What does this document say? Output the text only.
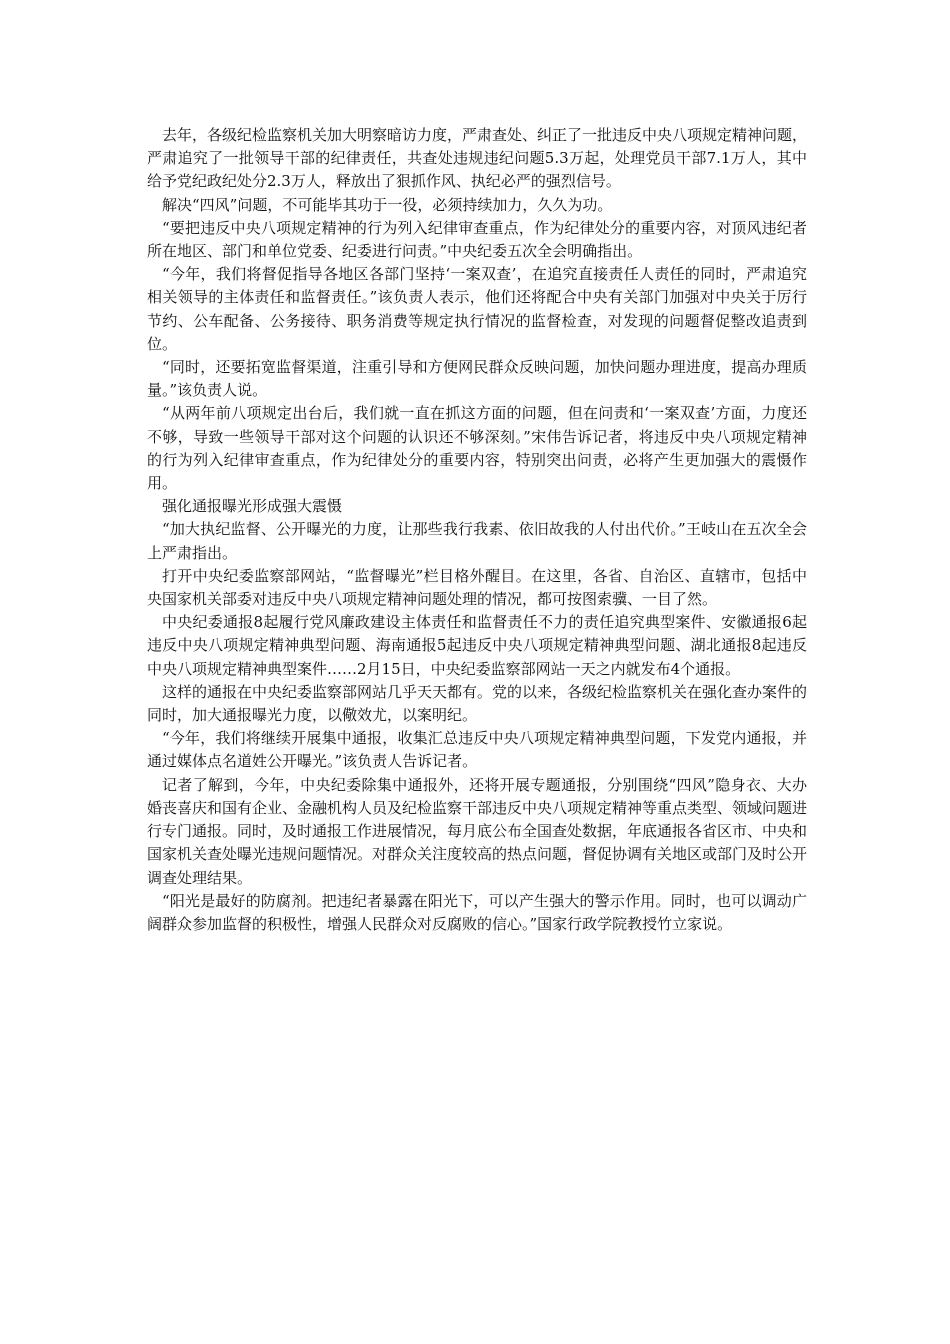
去年，各级纪检监察机关加大明察暗访力度，严肃查处、纠正了一批违反中央八项规定精神问题，严肃追究了一批领导干部的纪律责任，共查处违规违纪问题5.3万起，处理党员干部7.1万人，其中给予党纪政纪处分2.3万人，释放出了狠抓作风、执纪必严的强烈信号。

解决“四风”问题，不可能毕其功于一役，必须持续加力，久久为功。

“要把违反中央八项规定精神的行为列入纪律审查重点，作为纪律处分的重要内容，对顶风违纪者所在地区、部门和单位党委、纪委进行问责。”中央纪委五次全会明确指出。

“今年，我们将督促指导各地区各部门坚持‘一案双查’，在追究直接责任人责任的同时，严肃追究相关领导的主体责任和监督责任。”该负责人表示，他们还将配合中央有关部门加强对中央关于厉行节约、公车配备、公务接待、职务消费等规定执行情况的监督检查，对发现的问题督促整改追责到位。

“同时，还要拓宽监督渠道，注重引导和方便网民群众反映问题，加快问题办理进度，提高办理质量。”该负责人说。

“从两年前八项规定出台后，我们就一直在抓这方面的问题，但在问责和‘一案双查’方面，力度还不够，导致一些领导干部对这个问题的认识还不够深刻。”宋伟告诉记者，将违反中央八项规定精神的行为列入纪律审查重点，作为纪律处分的重要内容，特别突出问责，必将产生更加强大的震慑作用。

强化通报曝光形成强大震慑

“加大执纪监督、公开曝光的力度，让那些我行我素、依旧故我的人付出代价。”王岐山在五次全会上严肃指出。

打开中央纪委监察部网站，“监督曝光”栏目格外醒目。在这里，各省、自治区、直辖市，包括中央国家机关部委对违反中央八项规定精神问题处理的情况，都可按图索骥、一目了然。

中央纪委通报8起履行党风廉政建设主体责任和监督责任不力的责任追究典型案件、安徽通报6起违反中央八项规定精神典型问题、海南通报5起违反中央八项规定精神典型问题、湖北通报8起违反中央八项规定精神典型案件……2月15日，中央纪委监察部网站一天之内就发布4个通报。

这样的通报在中央纪委监察部网站几乎天天都有。党的以来，各级纪检监察机关在强化查办案件的同时，加大通报曝光力度，以儆效尤，以案明纪。

“今年，我们将继续开展集中通报，收集汇总违反中央八项规定精神典型问题，下发党内通报，并通过媒体点名道姓公开曝光。”该负责人告诉记者。

记者了解到，今年，中央纪委除集中通报外，还将开展专题通报，分别围绕“四风”隐身衣、大办婚丧喜庆和国有企业、金融机构人员及纪检监察干部违反中央八项规定精神等重点类型、领域问题进行专门通报。同时，及时通报工作进展情况，每月底公布全国查处数据，年底通报各省区市、中央和国家机关查处曝光违规问题情况。对群众关注度较高的热点问题，督促协调有关地区或部门及时公开调查处理结果。

“阳光是最好的防腐剂。把违纪者暴露在阳光下，可以产生强大的警示作用。同时，也可以调动广阔群众参加监督的积极性，增强人民群众对反腐败的信心。”国家行政学院教授竹立家说。
